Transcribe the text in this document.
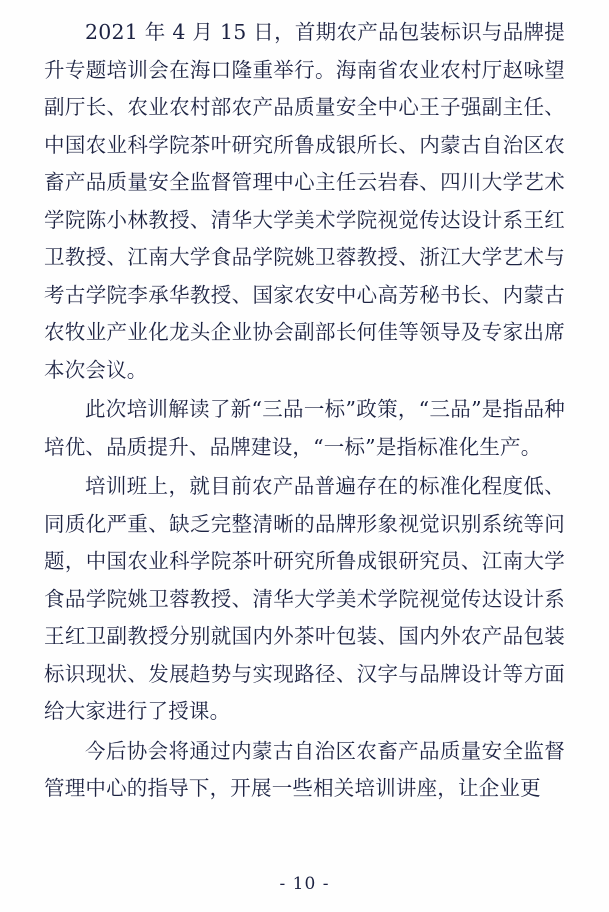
2021 年 4 月 15 日，首期农产品包装标识与品牌提升专题培训会在海口隆重举行。海南省农业农村厅赵咏望副厅长、农业农村部农产品质量安全中心王子强副主任、中国农业科学院茶叶研究所鲁成银所长、内蒙古自治区农畜产品质量安全监督管理中心主任云岩春、四川大学艺术学院陈小林教授、清华大学美术学院视觉传达设计系王红卫教授、江南大学食品学院姚卫蓉教授、浙江大学艺术与考古学院李承华教授、国家农安中心高芳秘书长、内蒙古农牧业产业化龙头企业协会副部长何佳等领导及专家出席本次会议。

此次培训解读了新“三品一标”政策，“三品”是指品种培优、品质提升、品牌建设，“一标”是指标准化生产。

培训班上，就目前农产品普遍存在的标准化程度低、同质化严重、缺乏完整清晰的品牌形象视觉识别系统等问题，中国农业科学院茶叶研究所鲁成银研究员、江南大学食品学院姚卫蓉教授、清华大学美术学院视觉传达设计系王红卫副教授分别就国内外茶叶包装、国内外农产品包装标识现状、发展趋势与实现路径、汉字与品牌设计等方面给大家进行了授课。

今后协会将通过内蒙古自治区农畜产品质量安全监督管理中心的指导下，开展一些相关培训讲座，让企业更

- 10 -
